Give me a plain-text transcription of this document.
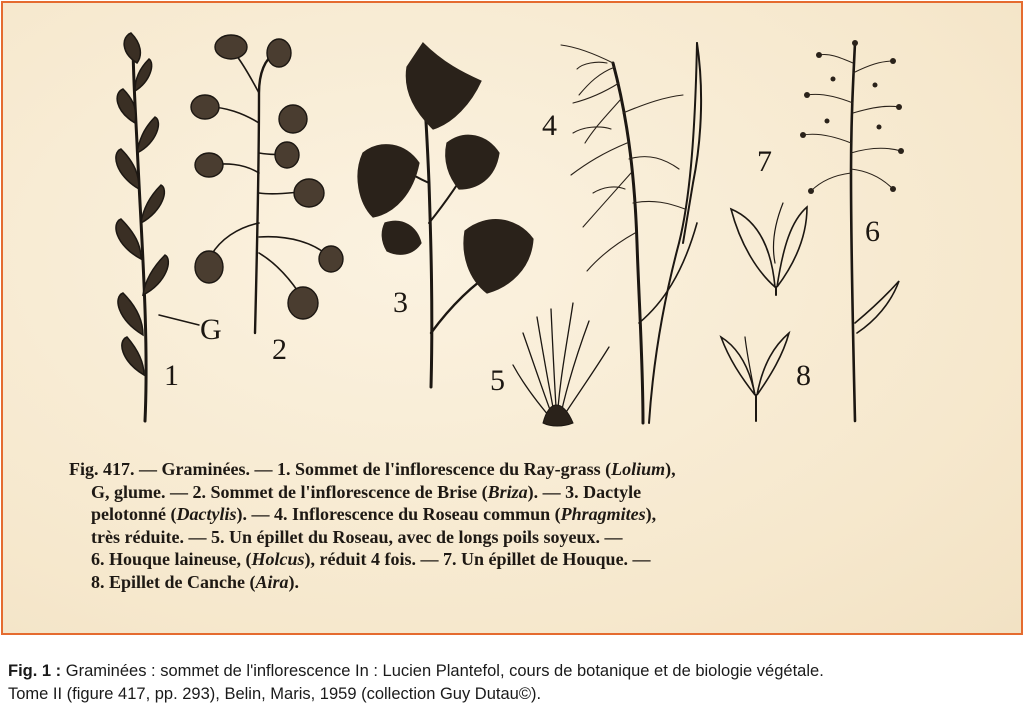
1
2
3
4
5
6
7
8
G
Fig. 417. — Graminées. — 1. Sommet de l'inflorescence du Ray-grass (Lolium),
G, glume. — 2. Sommet de l'inflorescence de Brise (Briza). — 3. Dactyle
pelotonné (Dactylis). — 4. Inflorescence du Roseau commun (Phragmites),
très réduite. — 5. Un épillet du Roseau, avec de longs poils soyeux. —
6. Houque laineuse, (Holcus), réduit 4 fois. — 7. Un épillet de Houque. —
8. Epillet de Canche (Aira).
Fig. 1 : Graminées : sommet de l'inflorescence In : Lucien Plantefol, cours de botanique et de biologie végétale.
Tome II (figure 417, pp. 293), Belin, Maris, 1959 (collection Guy Dutau©).
